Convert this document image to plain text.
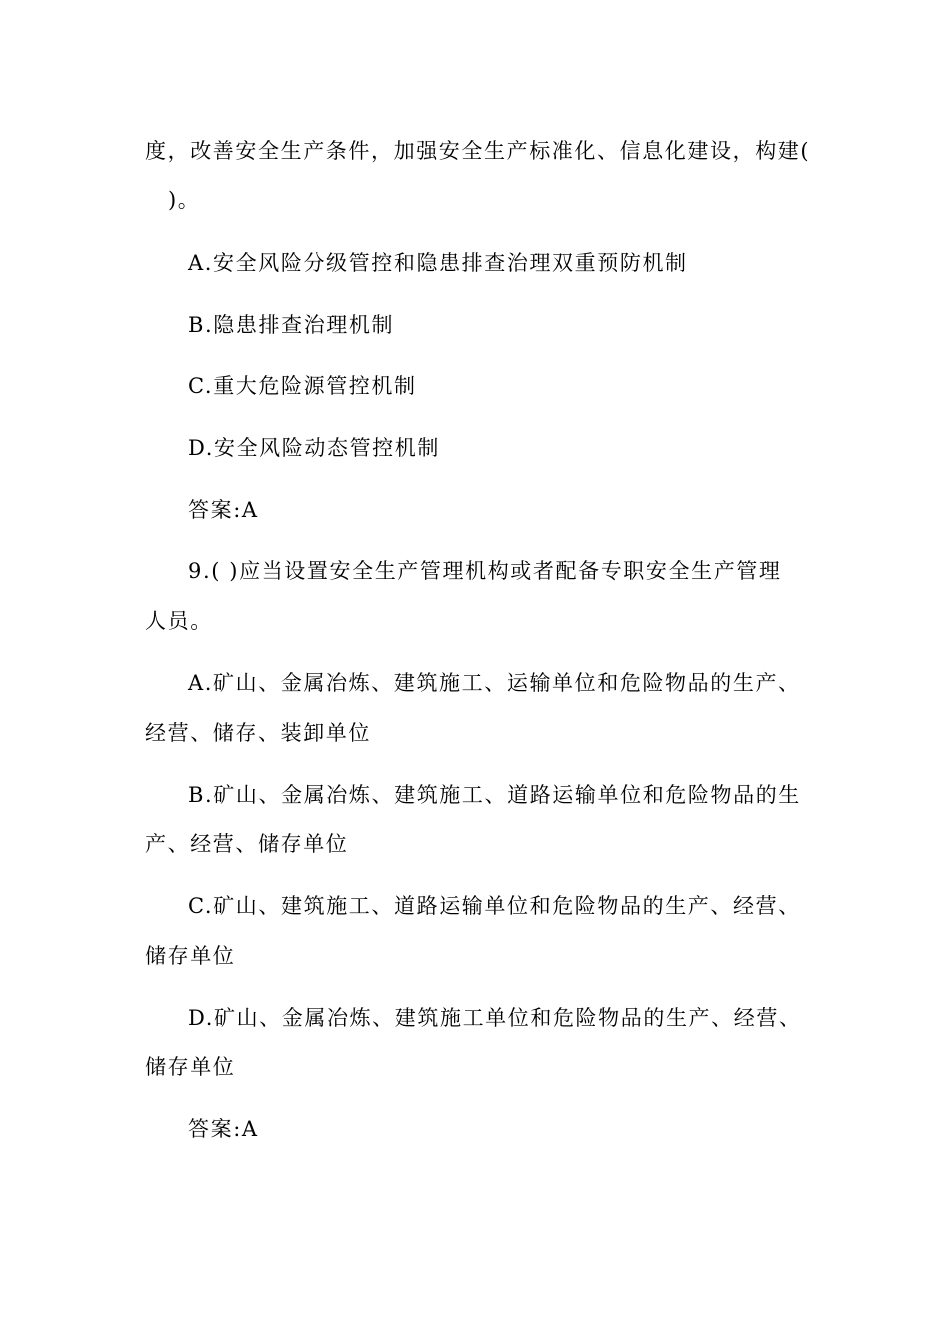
度，改善安全生产条件，加强安全生产标准化、信息化建设，构建(
)。
A.安全风险分级管控和隐患排查治理双重预防机制
B.隐患排查治理机制
C.重大危险源管控机制
D.安全风险动态管控机制
答案:A
9.( )应当设置安全生产管理机构或者配备专职安全生产管理
人员。
A.矿山、金属冶炼、建筑施工、运输单位和危险物品的生产、
经营、储存、装卸单位
B.矿山、金属冶炼、建筑施工、道路运输单位和危险物品的生
产、经营、储存单位
C.矿山、建筑施工、道路运输单位和危险物品的生产、经营、
储存单位
D.矿山、金属冶炼、建筑施工单位和危险物品的生产、经营、
储存单位
答案:A
